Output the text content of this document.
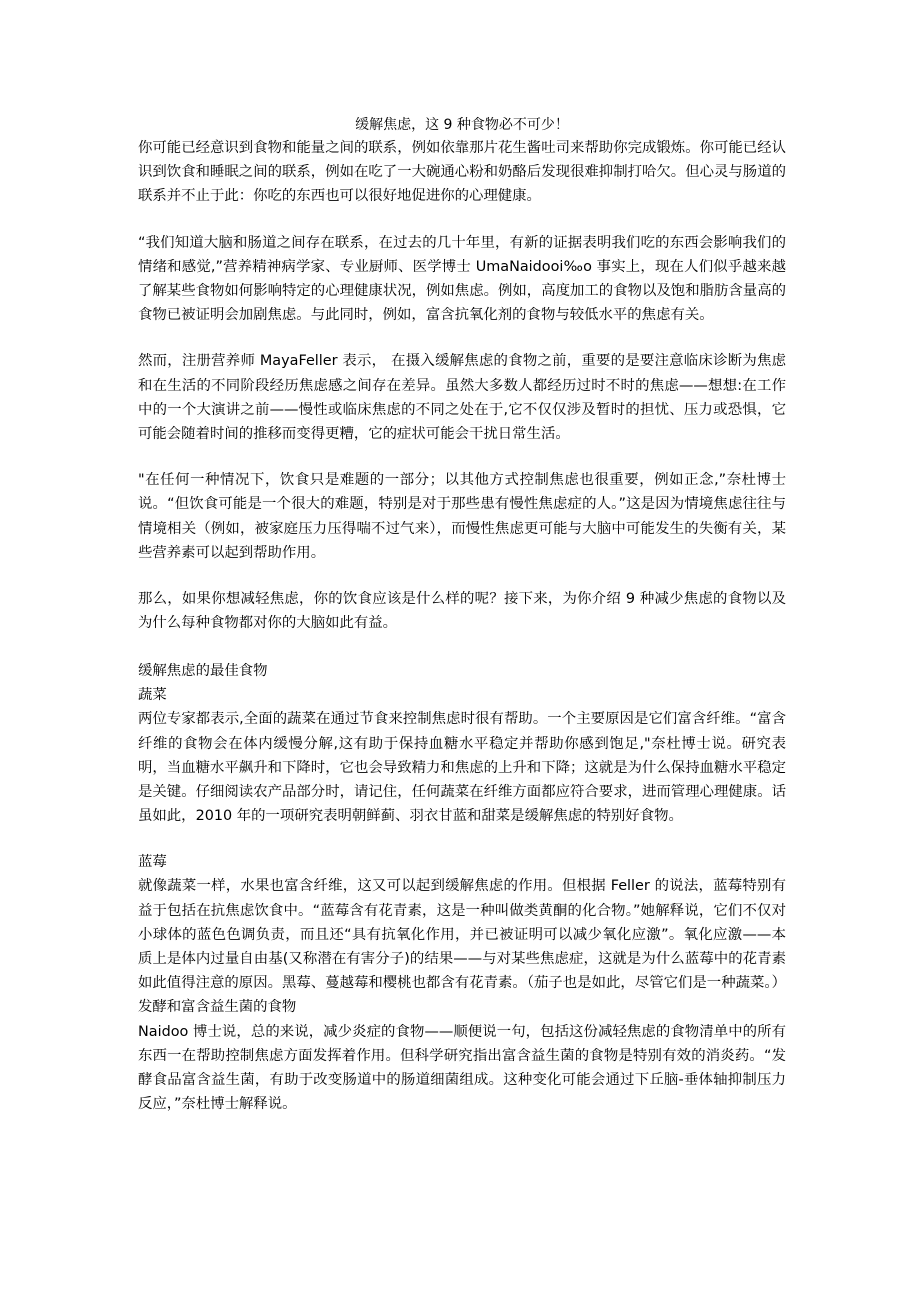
缓解焦虑，这 9 种食物必不可少！

你可能已经意识到食物和能量之间的联系，例如依靠那片花生酱吐司来帮助你完成锻炼。你可能已经认识到饮食和睡眠之间的联系，例如在吃了一大碗通心粉和奶酪后发现很难抑制打哈欠。但心灵与肠道的联系并不止于此：你吃的东西也可以很好地促进你的心理健康。

“我们知道大脑和肠道之间存在联系，在过去的几十年里，有新的证据表明我们吃的东西会影响我们的情绪和感觉,”营养精神病学家、专业厨师、医学博士 UmaNaidooi‰o 事实上，现在人们似乎越来越了解某些食物如何影响特定的心理健康状况，例如焦虑。例如，高度加工的食物以及饱和脂肪含量高的食物已被证明会加剧焦虑。与此同时，例如，富含抗氧化剂的食物与较低水平的焦虑有关。

然而，注册营养师 MayaFeller 表示， 在摄入缓解焦虑的食物之前，重要的是要注意临床诊断为焦虑和在生活的不同阶段经历焦虑感之间存在差异。虽然大多数人都经历过时不时的焦虑——想想:在工作中的一个大演讲之前——慢性或临床焦虑的不同之处在于,它不仅仅涉及暂时的担忧、压力或恐惧，它可能会随着时间的推移而变得更糟，它的症状可能会干扰日常生活。

"在任何一种情况下，饮食只是难题的一部分；以其他方式控制焦虑也很重要，例如正念,”奈杜博士说。“但饮食可能是一个很大的难题，特别是对于那些患有慢性焦虑症的人。”这是因为情境焦虑往往与情境相关（例如，被家庭压力压得喘不过气来），而慢性焦虑更可能与大脑中可能发生的失衡有关，某些营养素可以起到帮助作用。

那么，如果你想减轻焦虑，你的饮食应该是什么样的呢？接下来，为你介绍 9 种减少焦虑的食物以及为什么每种食物都对你的大脑如此有益。

缓解焦虑的最佳食物

蔬菜

两位专家都表示,全面的蔬菜在通过节食来控制焦虑时很有帮助。一个主要原因是它们富含纤维。“富含纤维的食物会在体内缓慢分解,这有助于保持血糖水平稳定并帮助你感到饱足,"奈杜博士说。研究表明，当血糖水平飙升和下降时，它也会导致精力和焦虑的上升和下降；这就是为什么保持血糖水平稳定是关键。仔细阅读农产品部分时，请记住，任何蔬菜在纤维方面都应符合要求，进而管理心理健康。话虽如此，2010 年的一项研究表明朝鲜蓟、羽衣甘蓝和甜菜是缓解焦虑的特别好食物。

蓝莓

就像蔬菜一样，水果也富含纤维，这又可以起到缓解焦虑的作用。但根据 Feller 的说法，蓝莓特别有益于包括在抗焦虑饮食中。“蓝莓含有花青素，这是一种叫做类黄酮的化合物。”她解释说，它们不仅对小球体的蓝色色调负责，而且还“具有抗氧化作用，并已被证明可以减少氧化应激”。氧化应激——本质上是体内过量自由基(又称潜在有害分子)的结果——与对某些焦虑症，这就是为什么蓝莓中的花青素如此值得注意的原因。黑莓、蔓越莓和樱桃也都含有花青素。（茄子也是如此，尽管它们是一种蔬菜。）发酵和富含益生菌的食物

Naidoo 博士说，总的来说，减少炎症的食物——顺便说一句，包括这份减轻焦虑的食物清单中的所有东西一在帮助控制焦虑方面发挥着作用。但科学研究指出富含益生菌的食物是特别有效的消炎药。“发酵食品富含益生菌，有助于改变肠道中的肠道细菌组成。这种变化可能会通过下丘脑-垂体轴抑制压力反应，”奈杜博士解释说。
